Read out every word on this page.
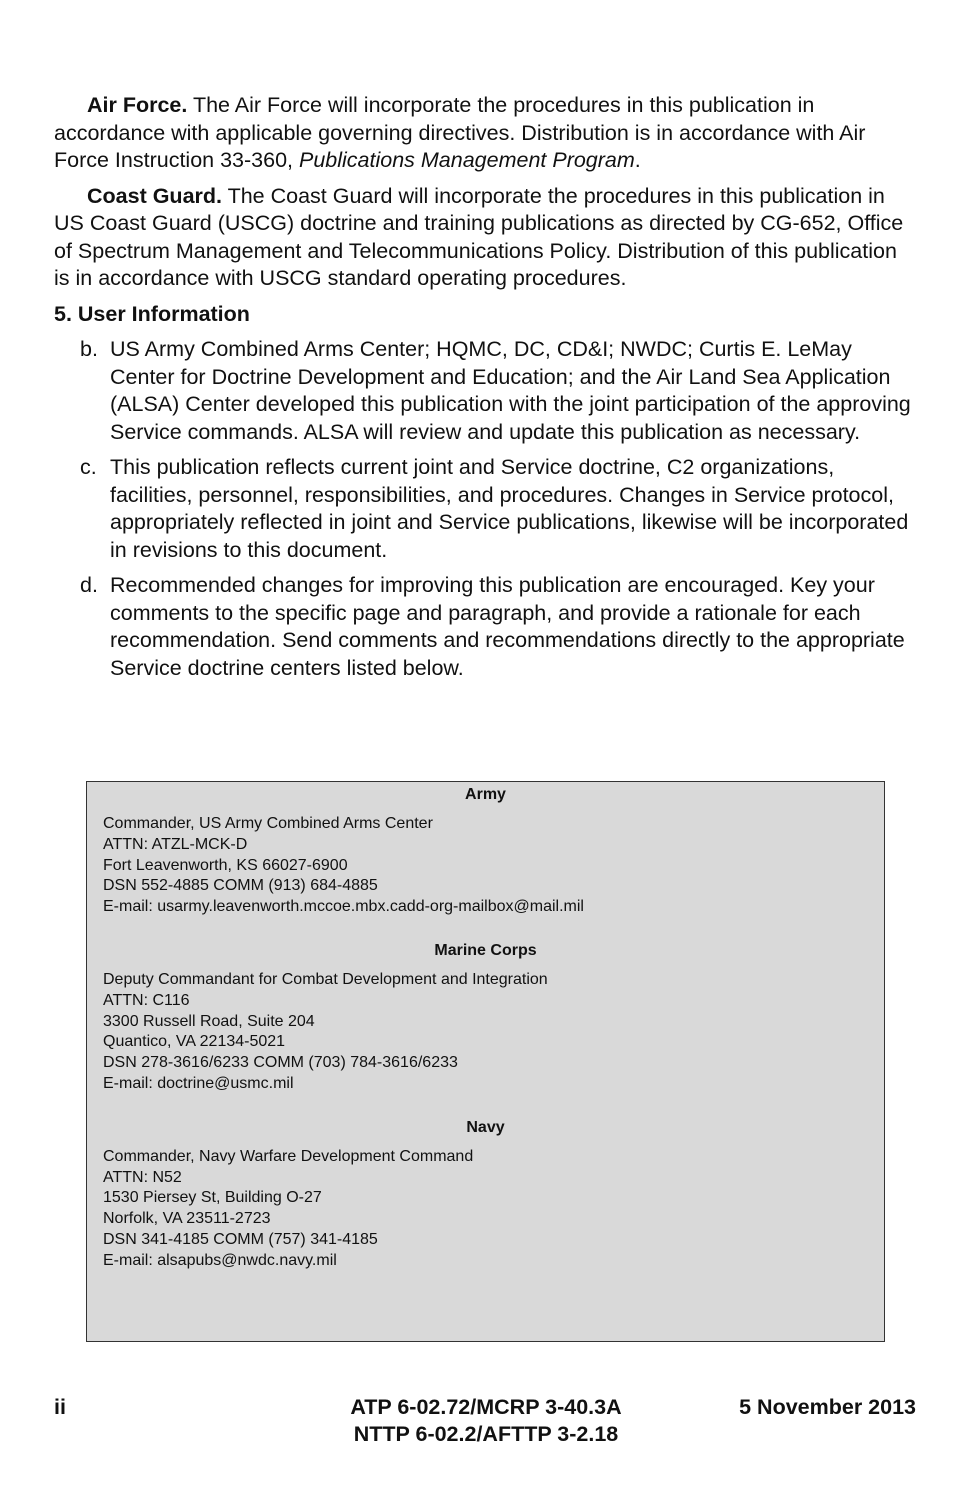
Air Force. The Air Force will incorporate the procedures in this publication in accordance with applicable governing directives. Distribution is in accordance with Air Force Instruction 33-360, Publications Management Program.

Coast Guard. The Coast Guard will incorporate the procedures in this publication in US Coast Guard (USCG) doctrine and training publications as directed by CG-652, Office of Spectrum Management and Telecommunications Policy. Distribution of this publication is in accordance with USCG standard operating procedures.

5. User Information
b. US Army Combined Arms Center; HQMC, DC, CD&I; NWDC; Curtis E. LeMay Center for Doctrine Development and Education; and the Air Land Sea Application (ALSA) Center developed this publication with the joint participation of the approving Service commands. ALSA will review and update this publication as necessary.
c. This publication reflects current joint and Service doctrine, C2 organizations, facilities, personnel, responsibilities, and procedures. Changes in Service protocol, appropriately reflected in joint and Service publications, likewise will be incorporated in revisions to this document.
d. Recommended changes for improving this publication are encouraged. Key your comments to the specific page and paragraph, and provide a rationale for each recommendation. Send comments and recommendations directly to the appropriate Service doctrine centers listed below.
Army
Commander, US Army Combined Arms Center
ATTN: ATZL-MCK-D
Fort Leavenworth, KS 66027-6900
DSN 552-4885 COMM (913) 684-4885
E-mail: usarmy.leavenworth.mccoe.mbx.cadd-org-mailbox@mail.mil
Marine Corps
Deputy Commandant for Combat Development and Integration
ATTN: C116
3300 Russell Road, Suite 204
Quantico, VA 22134-5021
DSN 278-3616/6233 COMM (703) 784-3616/6233
E-mail: doctrine@usmc.mil
Navy
Commander, Navy Warfare Development Command
ATTN: N52
1530 Piersey St, Building O-27
Norfolk, VA 23511-2723
DSN 341-4185 COMM (757) 341-4185
E-mail: alsapubs@nwdc.navy.mil
ii	ATP 6-02.72/MCRP 3-40.3A
NTTP 6-02.2/AFTTP 3-2.18
5 November 2013
